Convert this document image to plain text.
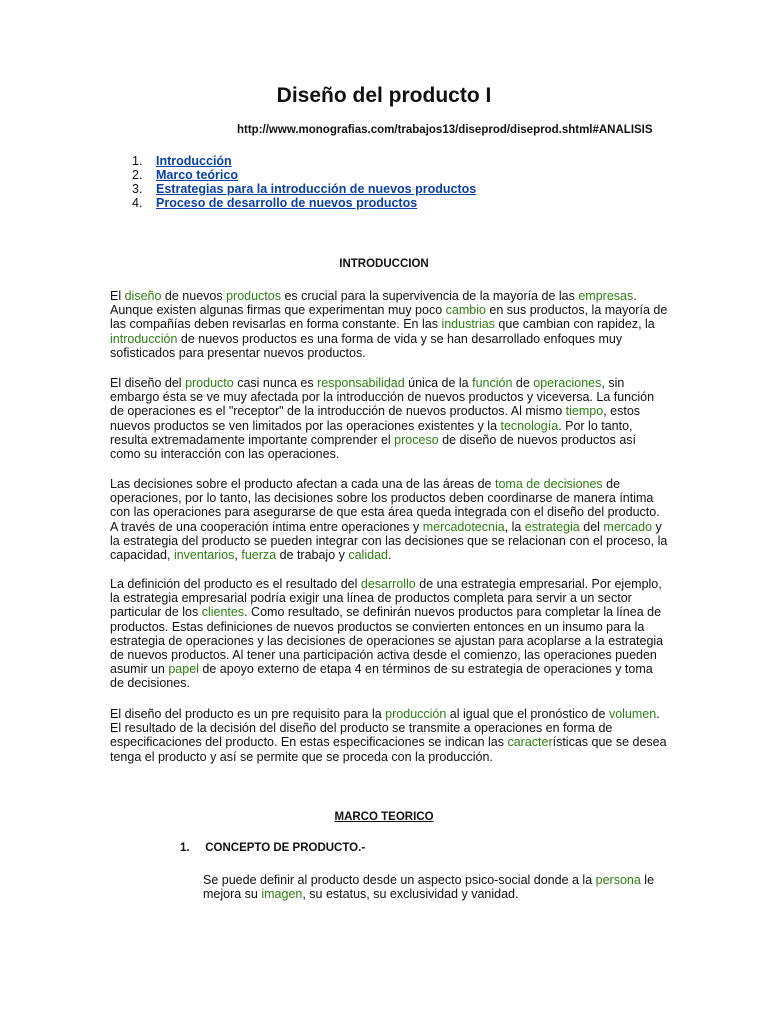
Diseño del producto I
http://www.monografias.com/trabajos13/diseprod/diseprod.shtml#ANALISIS
1.	Introducción
2.	Marco teórico
3.	Estrategias para la introducción de nuevos productos
4.	Proceso de desarrollo de nuevos productos
INTRODUCCION

El diseño de nuevos productos es crucial para la supervivencia de la mayoría de las empresas. Aunque existen algunas firmas que experimentan muy poco cambio en sus productos, la mayoría de las compañías deben revisarlas en forma constante. En las industrias que cambian con rapidez, la introducción de nuevos productos es una forma de vida y se han desarrollado enfoques muy sofisticados para presentar nuevos productos.

El diseño del producto casi nunca es responsabilidad única de la función de operaciones, sin embargo ésta se ve muy afectada por la introducción de nuevos productos y viceversa. La función de operaciones es el "receptor" de la introducción de nuevos productos. Al mismo tiempo, estos nuevos productos se ven limitados por las operaciones existentes y la tecnología. Por lo tanto, resulta extremadamente importante comprender el proceso de diseño de nuevos productos así como su interacción con las operaciones.

Las decisiones sobre el producto afectan a cada una de las áreas de toma de decisiones de operaciones, por lo tanto, las decisiones sobre los productos deben coordinarse de manera íntima con las operaciones para asegurarse de que esta área queda integrada con el diseño del producto. A través de una cooperación íntima entre operaciones y mercadotecnia, la estrategia del mercado y la estrategia del producto se pueden integrar con las decisiones que se relacionan con el proceso, la capacidad, inventarios, fuerza de trabajo y calidad.

La definición del producto es el resultado del desarrollo de una estrategia empresarial. Por ejemplo, la estrategia empresarial podría exigir una línea de productos completa para servir a un sector particular de los clientes. Como resultado, se definirán nuevos productos para completar la línea de productos. Estas definiciones de nuevos productos se convierten entonces en un insumo para la estrategia de operaciones y las decisiones de operaciones se ajustan para acoplarse a la estrategia de nuevos productos. Al tener una participación activa desde el comienzo, las operaciones pueden asumir un papel de apoyo externo de etapa 4 en términos de su estrategia de operaciones y toma de decisiones.

El diseño del producto es un pre requisito para la producción al igual que el pronóstico de volumen. El resultado de la decisión del diseño del producto se transmite a operaciones en forma de especificaciones del producto. En estas especificaciones se indican las características que se desea tenga el producto y así se permite que se proceda con la producción.

MARCO TEORICO
1. CONCEPTO DE PRODUCTO.-

Se puede definir al producto desde un aspecto psico-social donde a la persona le mejora su imagen, su estatus, su exclusividad y vanidad.
